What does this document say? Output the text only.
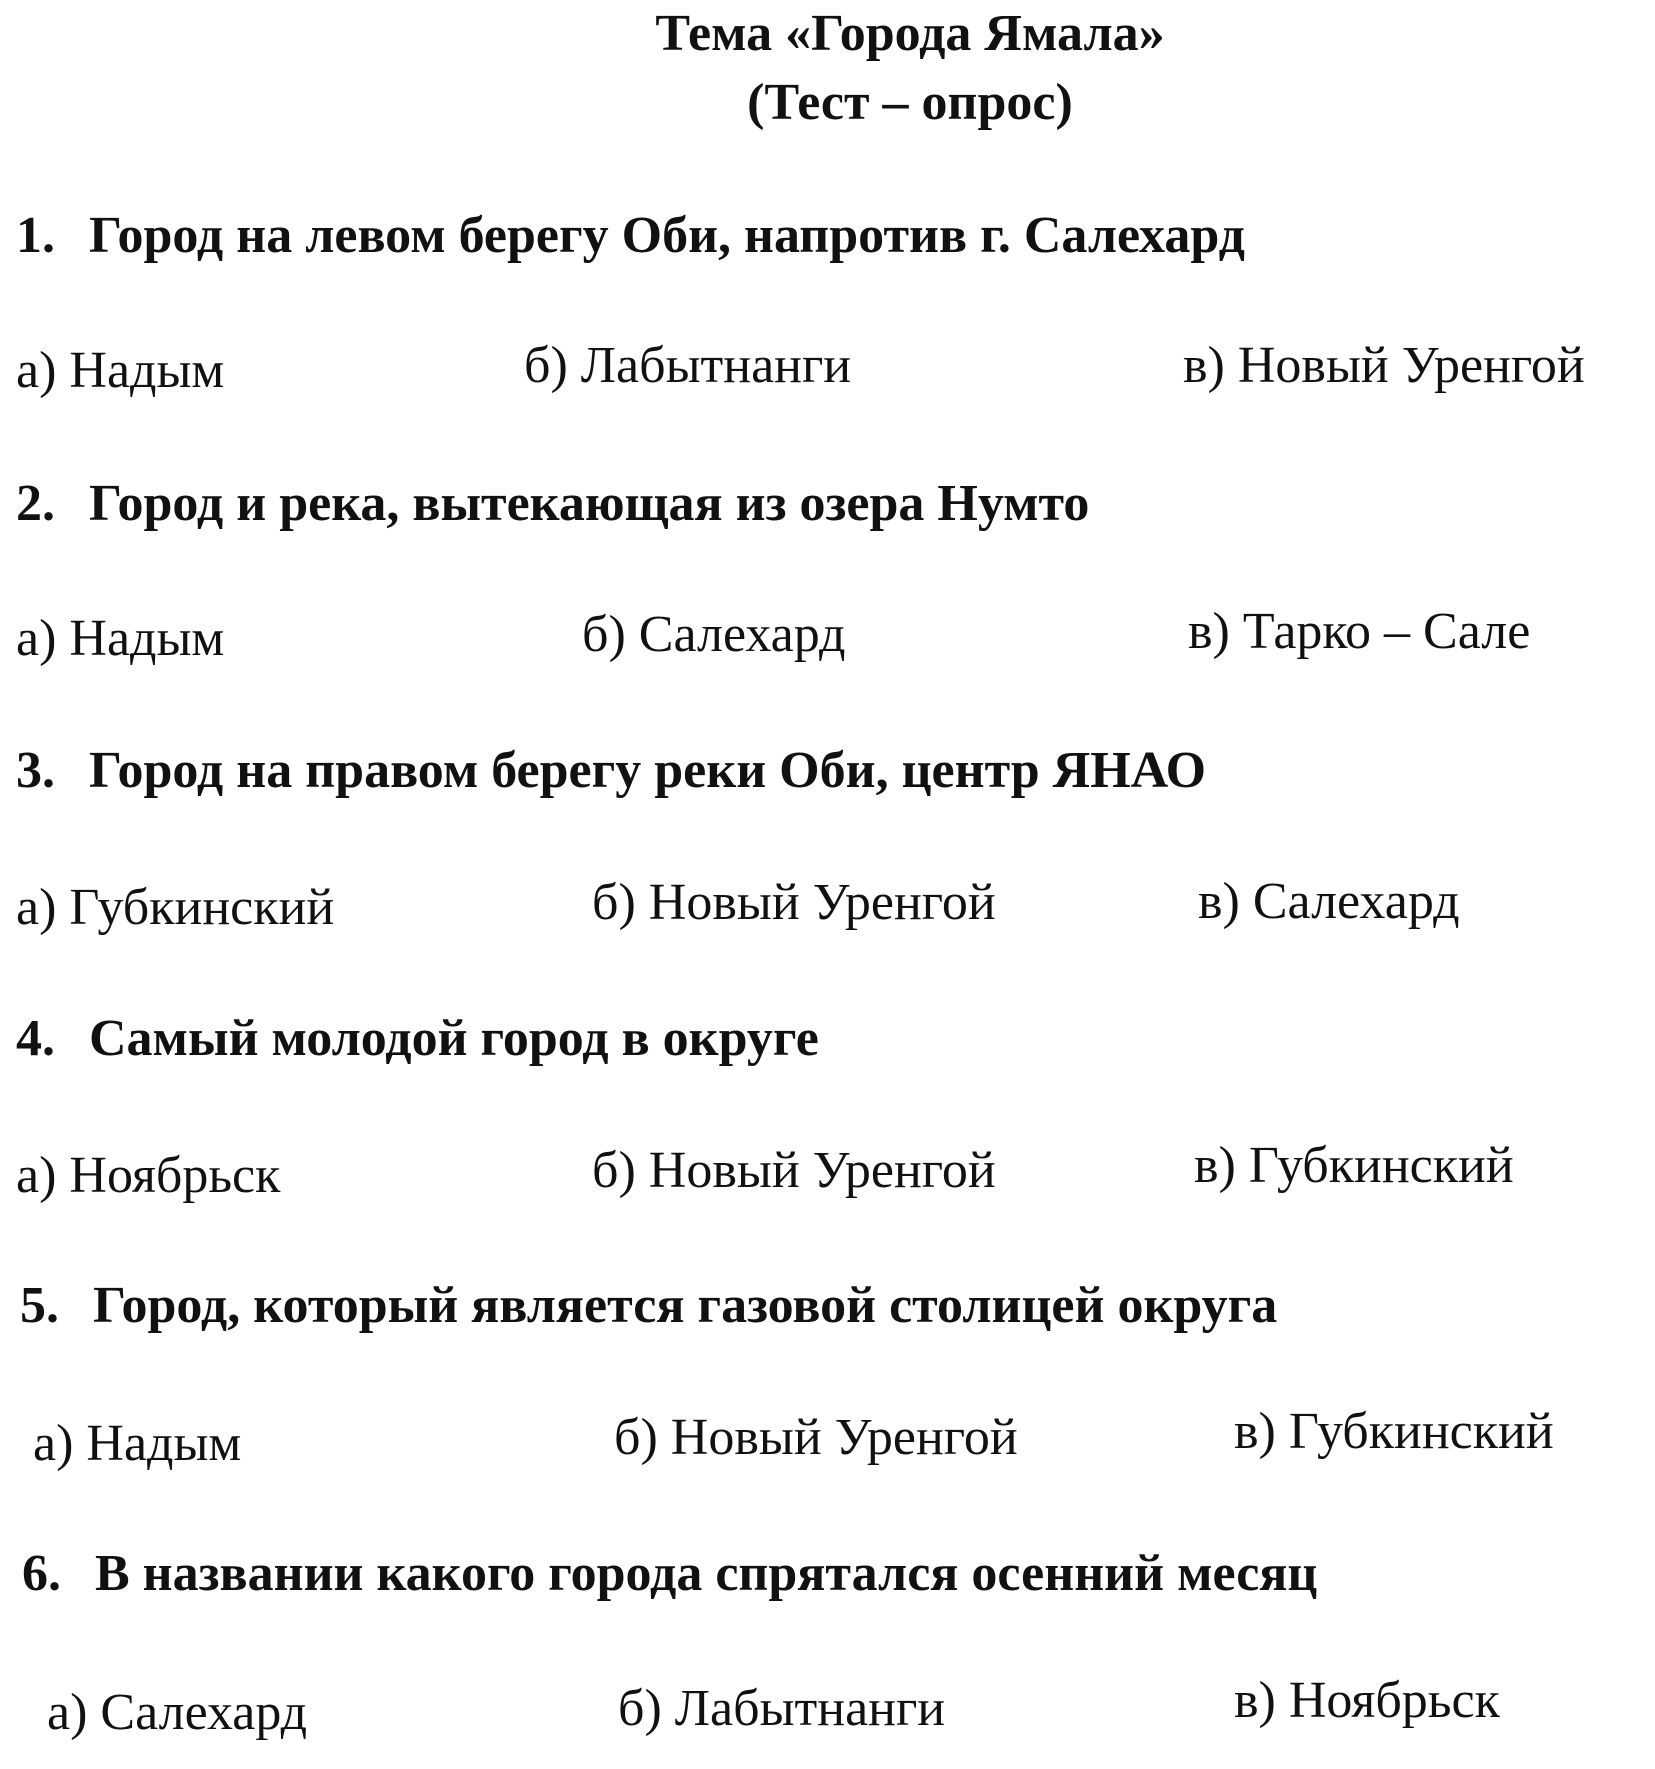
Тема «Города Ямала»
(Тест – опрос)
1. Город на левом берегу Оби, напротив г. Салехард
а) Надым	б) Лабытнанги	в) Новый Уренгой
2. Город и река, вытекающая из озера Нумто
а) Надым	б) Салехард	в) Тарко – Сале
3. Город на правом берегу реки Оби, центр ЯНАО
а) Губкинский	б) Новый Уренгой	в) Салехард
4. Самый молодой город в округе
а) Ноябрьск	б) Новый Уренгой	в) Губкинский
5. Город, который является газовой столицей округа
а) Надым	б) Новый Уренгой	в) Губкинский
6. В названии какого города спрятался осенний месяц
а) Салехард	б) Лабытнанги	в) Ноябрьск
